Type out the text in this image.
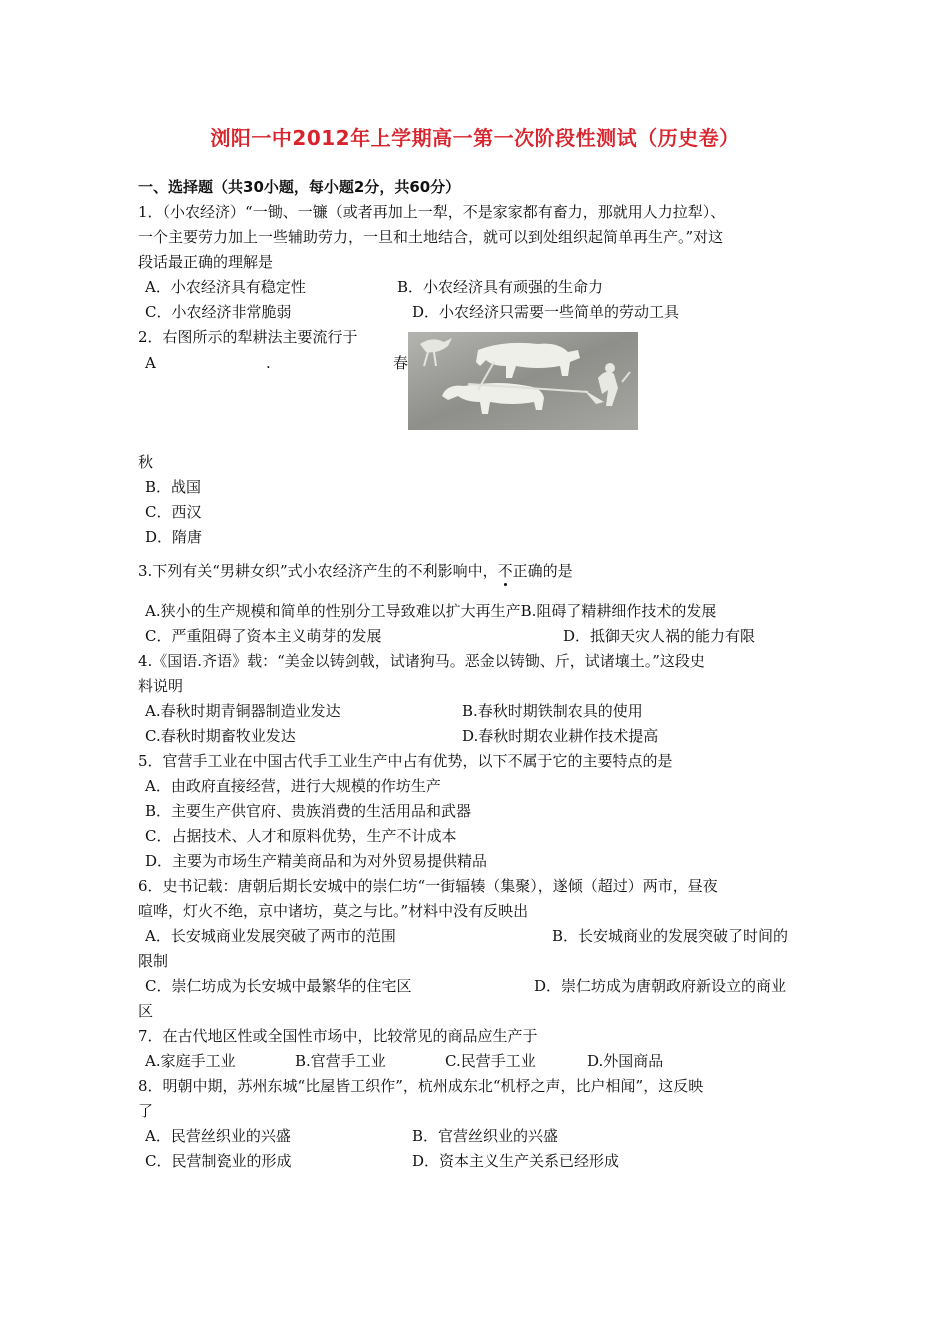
浏阳一中2012年上学期高一第一次阶段性测试（历史卷）
一、选择题（共30小题，每小题2分，共60分）
1．（小农经济）“一锄、一镰（或者再加上一犁，不是家家都有畜力，那就用人力拉犁）、
一个主要劳力加上一些辅助劳力，一旦和土地结合，就可以到处组织起简单再生产。”对这
段话最正确的理解是
A．小农经济具有稳定性	B．小农经济具有顽强的生命力
C．小农经济非常脆弱	D．小农经济只需要一些简单的劳动工具
2．右图所示的犁耕法主要流行于
A	.	春
秋
B．战国
C．西汉
D．隋唐
3.下列有关“男耕女织”式小农经济产生的不利影响中，不正确的是
A.狭小的生产规模和简单的性别分工导致难以扩大再生产B.阻碍了精耕细作技术的发展
C．严重阻碍了资本主义萌芽的发展	D．抵御天灾人祸的能力有限
4.《国语.齐语》载：“美金以铸剑戟，试诸狗马。恶金以铸锄、斤，试诸壤土。”这段史
料说明
A.春秋时期青铜器制造业发达	B.春秋时期铁制农具的使用
C.春秋时期畜牧业发达	D.春秋时期农业耕作技术提高
5．官营手工业在中国古代手工业生产中占有优势，以下不属于它的主要特点的是
A．由政府直接经营，进行大规模的作坊生产
B．主要生产供官府、贵族消费的生活用品和武器
C．占据技术、人才和原料优势，生产不计成本
D．主要为市场生产精美商品和为对外贸易提供精品
6．史书记载：唐朝后期长安城中的崇仁坊“一街辐辏（集聚），遂倾（超过）两市，昼夜
喧哗，灯火不绝，京中诸坊，莫之与比。”材料中没有反映出
A．长安城商业发展突破了两市的范围	B．长安城商业的发展突破了时间的
限制
C．崇仁坊成为长安城中最繁华的住宅区	D．崇仁坊成为唐朝政府新设立的商业
区
7．在古代地区性或全国性市场中，比较常见的商品应生产于
A.家庭手工业	B.官营手工业	C.民营手工业	D.外国商品
8．明朝中期，苏州东城“比屋皆工织作”，杭州成东北“机杼之声，比户相闻”，这反映
了
A．民营丝织业的兴盛	B．官营丝织业的兴盛
C．民营制瓷业的形成	D．资本主义生产关系已经形成
